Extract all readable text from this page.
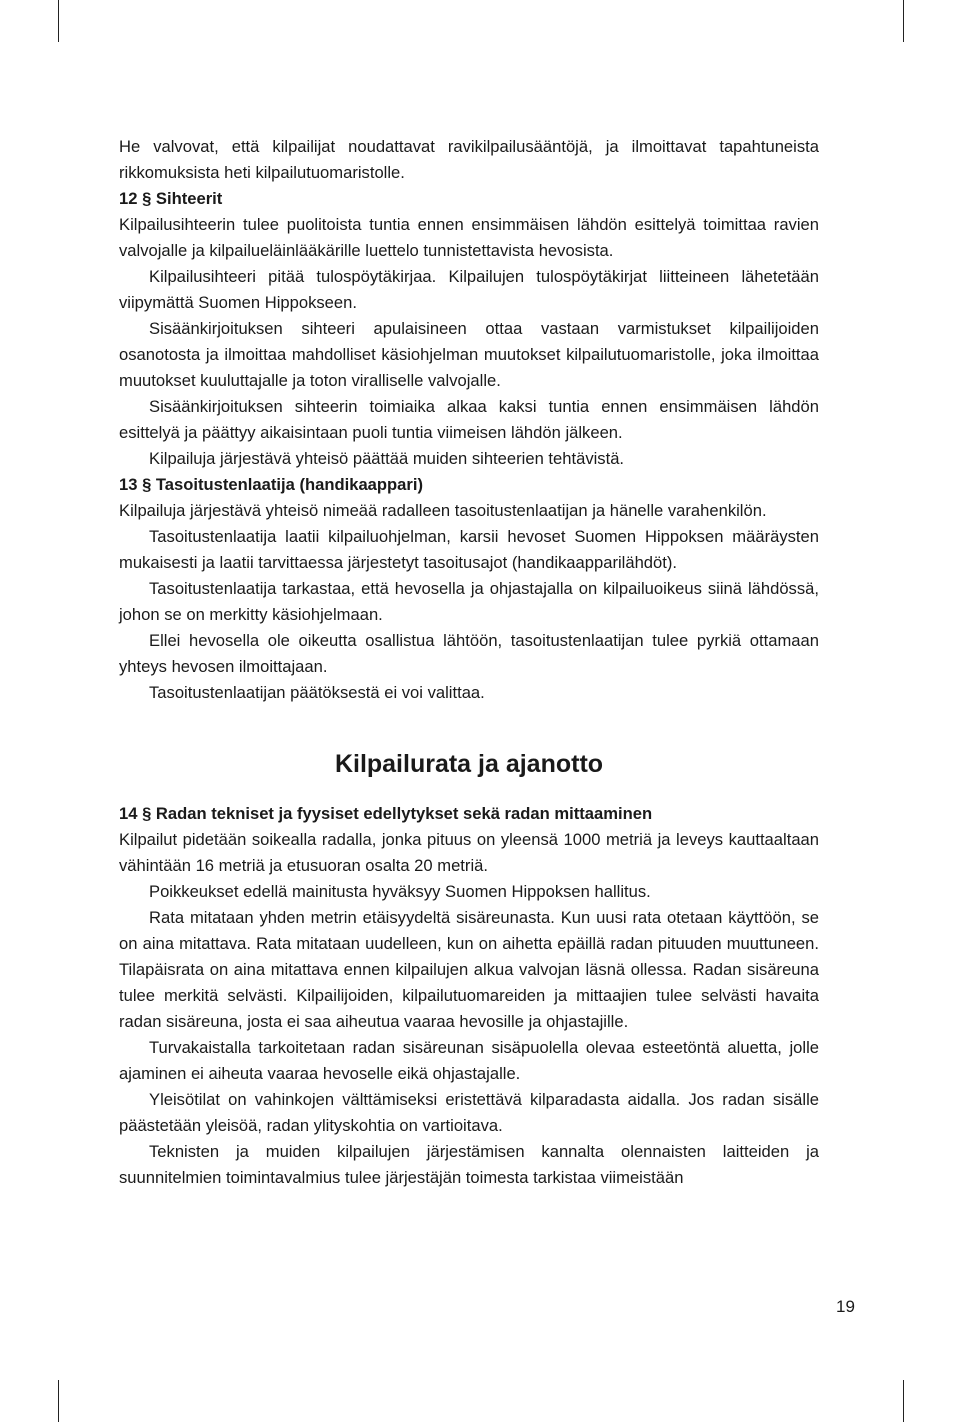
He valvovat, että kilpailijat noudattavat ravikilpailusääntöjä, ja ilmoittavat tapahtuneista rikkomuksista heti kilpailutuomaristolle.

12 § Sihteerit

Kilpailusihteerin tulee puolitoista tuntia ennen ensimmäisen lähdön esittelyä toimittaa ravien valvojalle ja kilpailueläinlääkärille luettelo tunnistettavista hevosista.

Kilpailusihteeri pitää tulospöytäkirjaa. Kilpailujen tulospöytäkirjat liitteineen lähetetään viipymättä Suomen Hippokseen.

Sisäänkirjoituksen sihteeri apulaisineen ottaa vastaan varmistukset kilpailijoiden osanotosta ja ilmoittaa mahdolliset käsiohjelman muutokset kilpailutuomaristolle, joka ilmoittaa muutokset kuuluttajalle ja toton viralliselle valvojalle.

Sisäänkirjoituksen sihteerin toimiaika alkaa kaksi tuntia ennen ensimmäisen lähdön esittelyä ja päättyy aikaisintaan puoli tuntia viimeisen lähdön jälkeen.

Kilpailuja järjestävä yhteisö päättää muiden sihteerien tehtävistä.

13 § Tasoitustenlaatija (handikaappari)

Kilpailuja järjestävä yhteisö nimeää radalleen tasoitustenlaatijan ja hänelle varahenkilön.

Tasoitustenlaatija laatii kilpailuohjelman, karsii hevoset Suomen Hippoksen määräysten mukaisesti ja laatii tarvittaessa järjestetyt tasoitusajot (handikaapparilähdöt).

Tasoitustenlaatija tarkastaa, että hevosella ja ohjastajalla on kilpailuoikeus siinä lähdössä, johon se on merkitty käsiohjelmaan.

Ellei hevosella ole oikeutta osallistua lähtöön, tasoitustenlaatijan tulee pyrkiä ottamaan yhteys hevosen ilmoittajaan.

Tasoitustenlaatijan päätöksestä ei voi valittaa.

Kilpailurata ja ajanotto

14 § Radan tekniset ja fyysiset edellytykset sekä radan mittaaminen

Kilpailut pidetään soikealla radalla, jonka pituus on yleensä 1000 metriä ja leveys kauttaaltaan vähintään 16 metriä ja etusuoran osalta 20 metriä.

Poikkeukset edellä mainitusta hyväksyy Suomen Hippoksen hallitus.

Rata mitataan yhden metrin etäisyydeltä sisäreunasta. Kun uusi rata otetaan käyttöön, se on aina mitattava. Rata mitataan uudelleen, kun on aihetta epäillä radan pituuden muuttuneen. Tilapäisrata on aina mitattava ennen kilpailujen alkua valvojan läsnä ollessa. Radan sisäreuna tulee merkitä selvästi. Kilpailijoiden, kilpailutuomareiden ja mittaajien tulee selvästi havaita radan sisäreuna, josta ei saa aiheutua vaaraa hevosille ja ohjastajille.

Turvakaistalla tarkoitetaan radan sisäreunan sisäpuolella olevaa esteetöntä aluetta, jolle ajaminen ei aiheuta vaaraa hevoselle eikä ohjastajalle.

Yleisötilat on vahinkojen välttämiseksi eristettävä kilparadasta aidalla. Jos radan sisälle päästetään yleisöä, radan ylityskohtia on vartioitava.

Teknisten ja muiden kilpailujen järjestämisen kannalta olennaisten laitteiden ja suunnitelmien toimintavalmius tulee järjestäjän toimesta tarkistaa viimeistään

19
